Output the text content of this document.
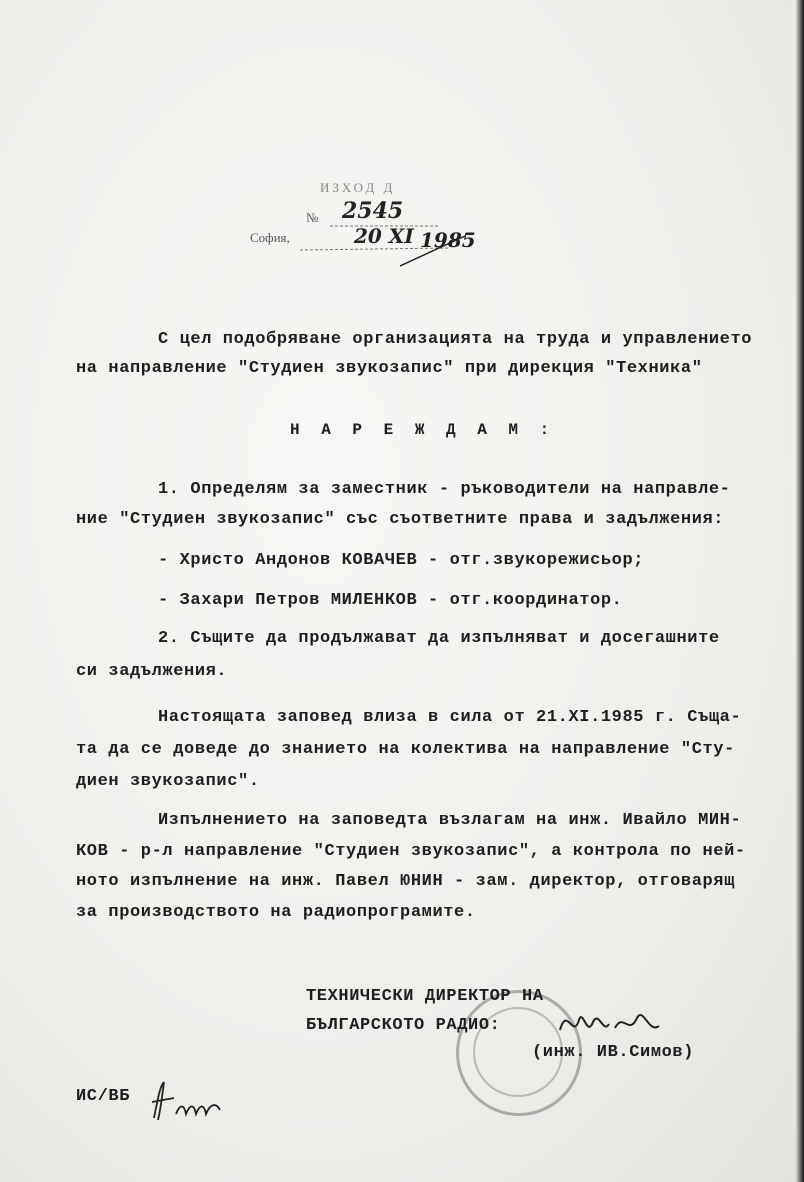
ИЗХОД Д
№ 2545
София,	20 XI 1985
С цел подобряване организацията на труда и управлението
на направление "Студиен звукозапис" при дирекция "Техника"
Н А Р Е Ж Д А М :
1. Определям за заместник - ръководители на направле-
ние "Студиен звукозапис" със съответните права и задължения:
- Христо Андонов КОВАЧЕВ - отг.звукорежисьор;
- Захари Петров МИЛЕНКОВ - отг.координатор.
2. Същите да продължават да изпълняват и досегашните
си задължения.
Настоящата заповед влиза в сила от 21.XI.1985 г. Съща-
та да се доведе до знанието на колектива на направление "Сту-
диен звукозапис".
Изпълнението на заповедта възлагам на инж. Ивайло МИН-
КОВ - р-л направление "Студиен звукозапис", а контрола по ней-
ното изпълнение на инж. Павел ЮНИН - зам. директор, отговарящ
за производството на радиопрограмите.
ТЕХНИЧЕСКИ ДИРЕКТОР НА
БЪЛГАРСКОТО РАДИО:
(инж. ИВ.Симов)
ИС/ВБ
